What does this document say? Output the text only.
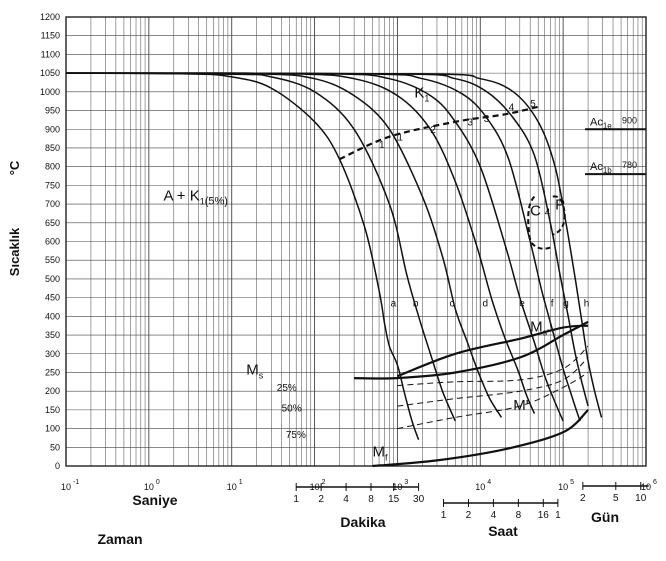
0
50
100
150
200
250
300
350
400
450
500
550
600
650
700
750
800
850
900
950
1000
1050
1100
1150
1200
10 -1	10 0	10 1	10 2	10 3	10 4	10 5	10 6
1 2 4 8 15 30
1 2 4 8 16 1
2	5 10
a b	c	d	e	f g h
$A + K_1(5\%)$
$K_1$
C 4 P
$M_s$
$M_{s'}$
M'
$M_f$
25%
50%
75%
1
1
2
3 3
4 5
$Ac_{1e}$
900
$Ac_{1b}$
780
Sıcaklık
°C
Saniye
Zaman
Dakika
Saat
Gün
